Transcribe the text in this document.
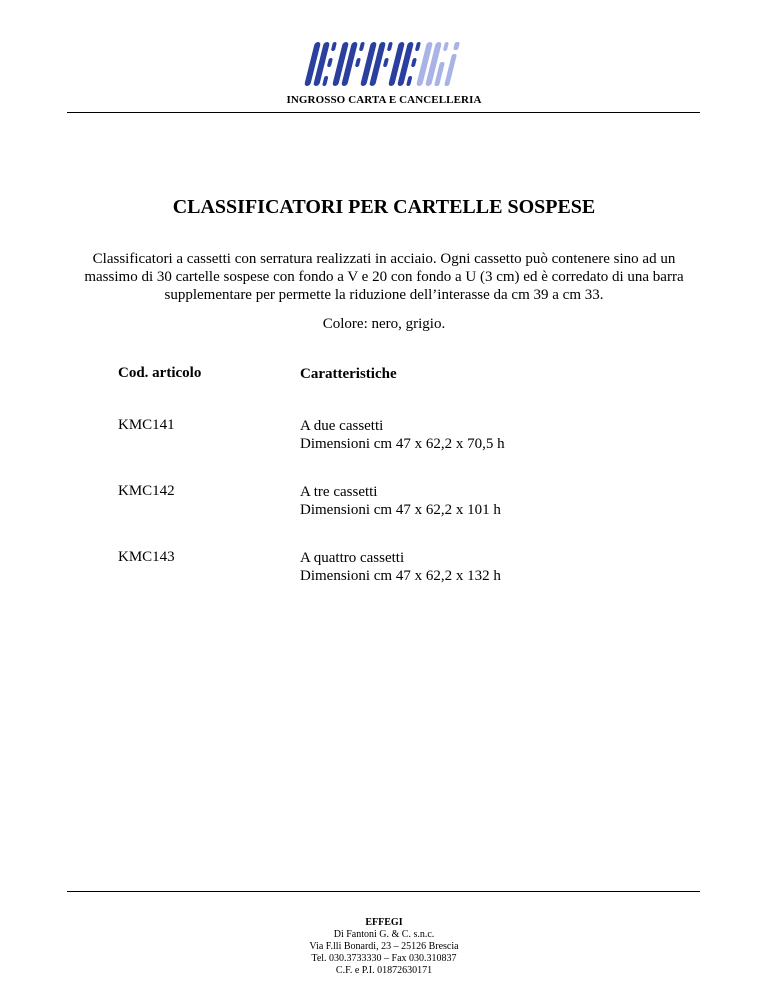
INGROSSO CARTA E CANCELLERIA
CLASSIFICATORI PER CARTELLE SOSPESE
Classificatori a cassetti con serratura realizzati in acciaio. Ogni cassetto può contenere sino ad un
massimo di 30 cartelle sospese con fondo a V e 20 con fondo a U (3 cm) ed è corredato di una barra
supplementare per permette la riduzione dell’interasse da cm 39 a cm 33.
Colore: nero, grigio.
Cod. articolo	Caratteristiche
KMC141	A due cassetti
Dimensioni cm 47 x 62,2 x 70,5 h
KMC142	A tre cassetti
Dimensioni cm 47 x 62,2 x 101 h
KMC143	A quattro cassetti
Dimensioni cm 47 x 62,2 x 132 h
EFFEGI
Di Fantoni G. & C. s.n.c.
Via F.lli Bonardi, 23 – 25126 Brescia
Tel. 030.3733330 – Fax 030.310837
C.F. e P.I. 01872630171
